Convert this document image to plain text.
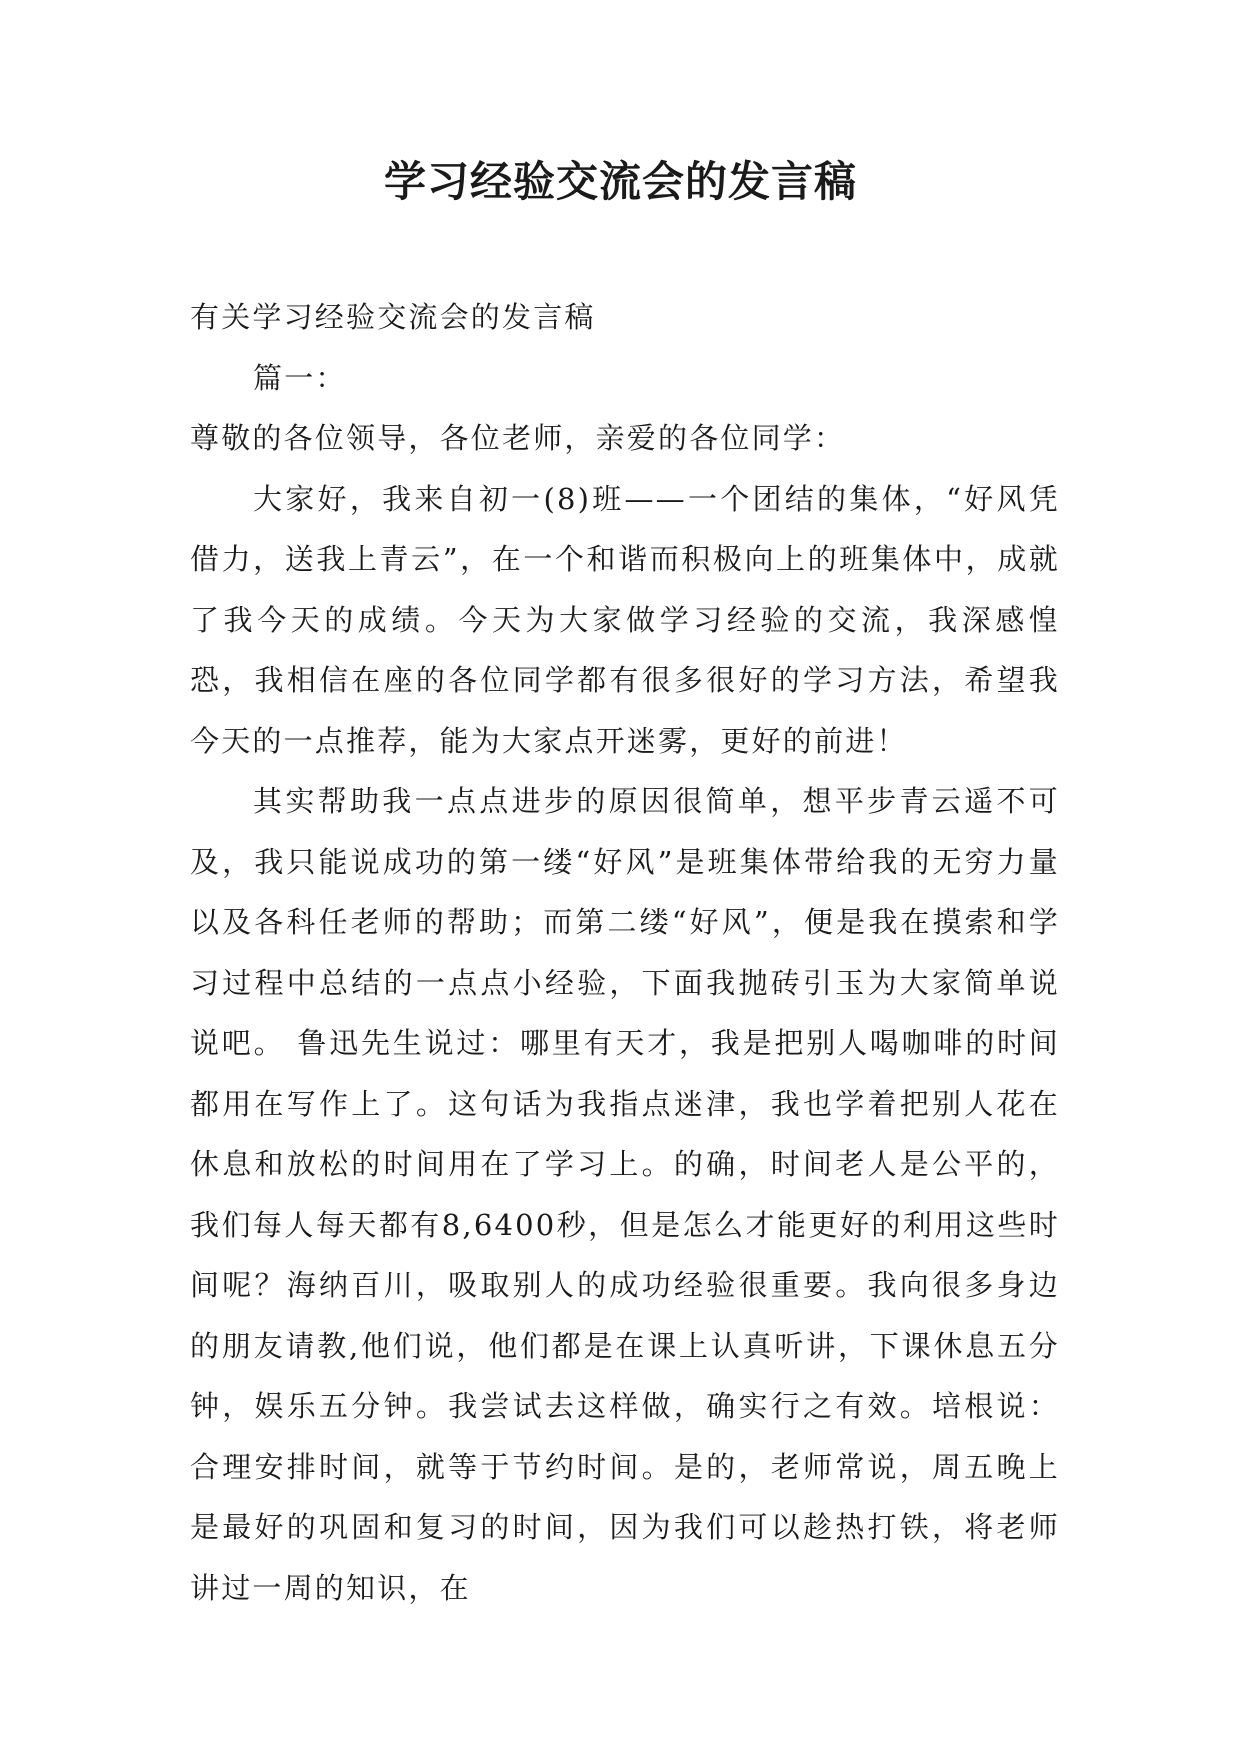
学习经验交流会的发言稿

有关学习经验交流会的发言稿

篇一：

尊敬的各位领导，各位老师，亲爱的各位同学：

大家好，我来自初一(8)班——一个团结的集体，“好风凭借力，送我上青云”，在一个和谐而积极向上的班集体中，成就了我今天的成绩。今天为大家做学习经验的交流，我深感惶恐，我相信在座的各位同学都有很多很好的学习方法，希望我今天的一点推荐，能为大家点开迷雾，更好的前进！

其实帮助我一点点进步的原因很简单，想平步青云遥不可及，我只能说成功的第一缕“好风”是班集体带给我的无穷力量以及各科任老师的帮助；而第二缕“好风”，便是我在摸索和学习过程中总结的一点点小经验，下面我抛砖引玉为大家简单说说吧。 鲁迅先生说过：哪里有天才，我是把别人喝咖啡的时间都用在写作上了。这句话为我指点迷津，我也学着把别人花在休息和放松的时间用在了学习上。的确，时间老人是公平的，我们每人每天都有8,6400秒，但是怎么才能更好的利用这些时间呢？海纳百川，吸取别人的成功经验很重要。我向很多身边的朋友请教,他们说，他们都是在课上认真听讲，下课休息五分钟，娱乐五分钟。我尝试去这样做，确实行之有效。培根说：合理安排时间，就等于节约时间。是的，老师常说，周五晚上是最好的巩固和复习的时间，因为我们可以趁热打铁，将老师讲过一周的知识，在
